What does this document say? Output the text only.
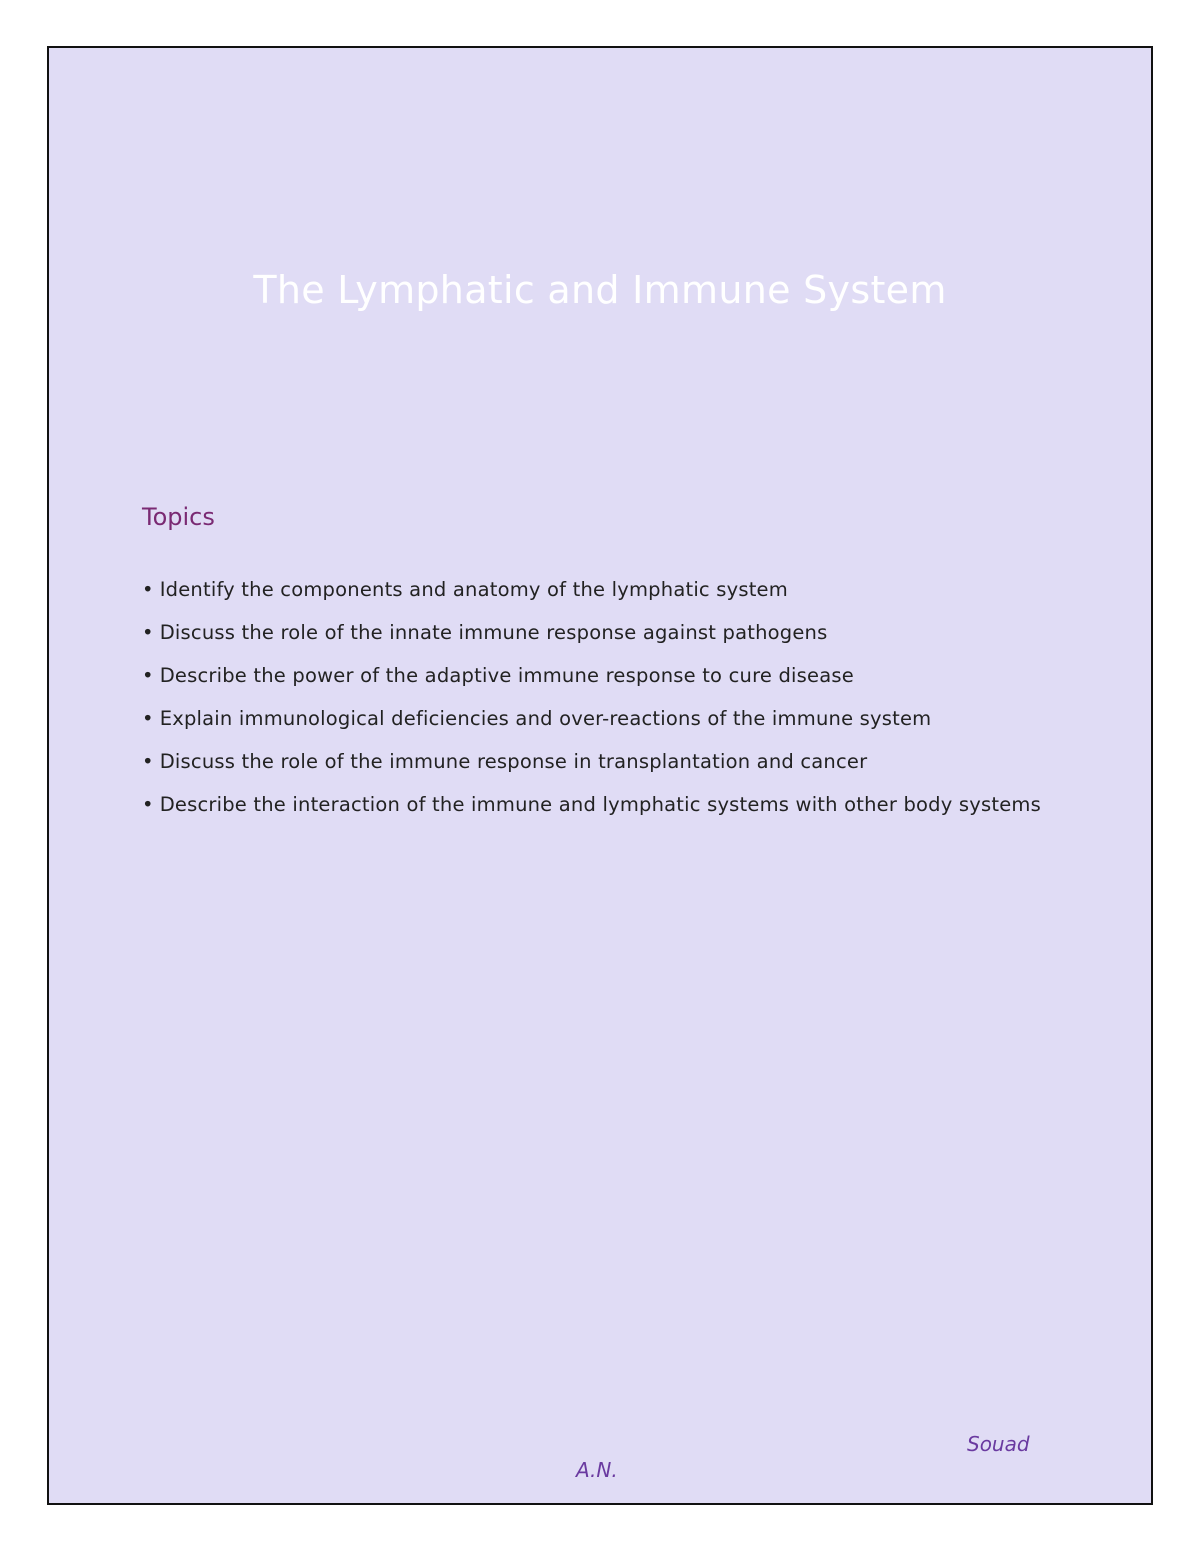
The Lymphatic and Immune System
Topics
• Identify the components and anatomy of the lymphatic system
• Discuss the role of the innate immune response against pathogens
• Describe the power of the adaptive immune response to cure disease
• Explain immunological deficiencies and over-reactions of the immune system
• Discuss the role of the immune response in transplantation and cancer
• Describe the interaction of the immune and lymphatic systems with other body systems
Souad
A.N.
